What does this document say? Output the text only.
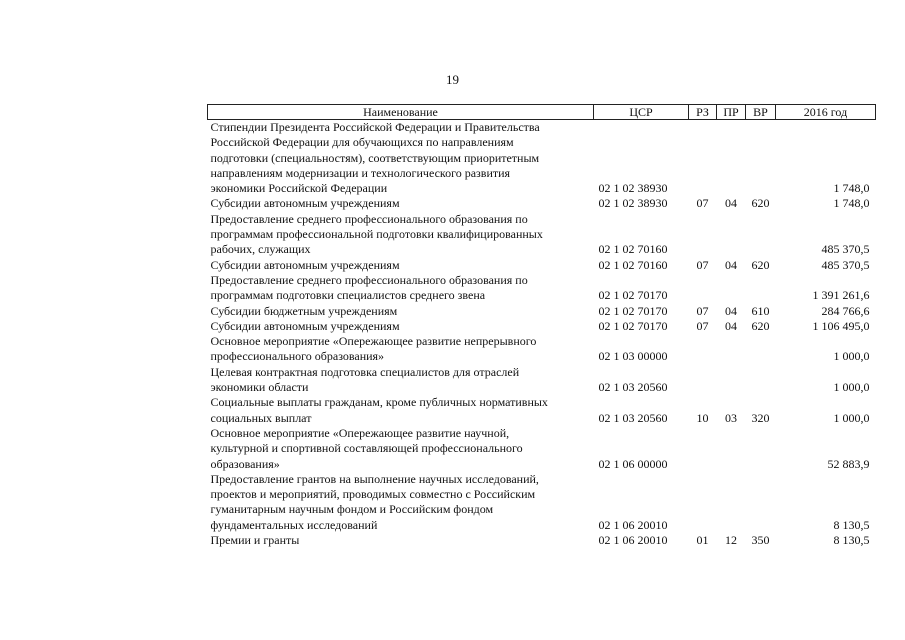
19
Наименование	ЦСР	РЗ	ПР	ВР	2016 год
Стипендии Президента Российской Федерации и Правительства Российской Федерации для обучающихся по направлениям подготовки (специальностям), соответствующим приоритетным направлениям модернизации и технологического развития экономики Российской Федерации	02 1 02 38930				1 748,0
Субсидии автономным учреждениям	02 1 02 38930	07	04	620	1 748,0
Предоставление среднего профессионального образования по программам профессиональной подготовки квалифицированных рабочих, служащих	02 1 02 70160				485 370,5
Субсидии автономным учреждениям	02 1 02 70160	07	04	620	485 370,5
Предоставление среднего профессионального образования по программам подготовки специалистов среднего звена	02 1 02 70170				1 391 261,6
Субсидии бюджетным учреждениям	02 1 02 70170	07	04	610	284 766,6
Субсидии автономным учреждениям	02 1 02 70170	07	04	620	1 106 495,0
Основное мероприятие «Опережающее развитие непрерывного профессионального образования»	02 1 03 00000				1 000,0
Целевая контрактная подготовка специалистов для отраслей экономики области	02 1 03 20560				1 000,0
Социальные выплаты гражданам, кроме публичных нормативных социальных выплат	02 1 03 20560	10	03	320	1 000,0
Основное мероприятие «Опережающее развитие научной, культурной и спортивной составляющей профессионального образования»	02 1 06 00000				52 883,9
Предоставление грантов на выполнение научных исследований, проектов и мероприятий, проводимых совместно с Российским гуманитарным научным фондом и Российским фондом фундаментальных исследований	02 1 06 20010				8 130,5
Премии и гранты	02 1 06 20010	01	12	350	8 130,5
